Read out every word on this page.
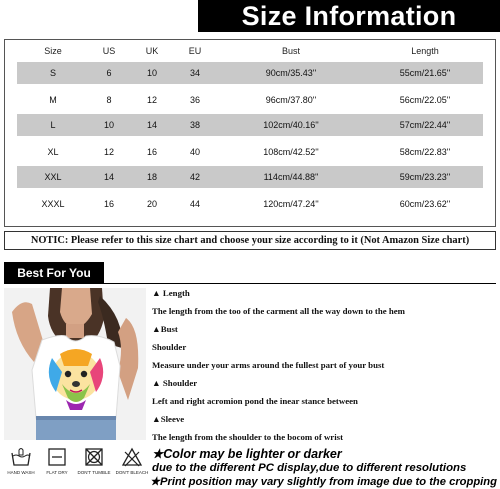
Size Information
Size	US	UK	EU	Bust	Length
S	6	10	34	90cm/35.43''	55cm/21.65''
M	8	12	36	96cm/37.80''	56cm/22.05''
L	10	14	38	102cm/40.16''	57cm/22.44''
XL	12	16	40	108cm/42.52''	58cm/22.83''
XXL	14	18	42	114cm/44.88''	59cm/23.23''
XXXL	16	20	44	120cm/47.24''	60cm/23.62''
NOTIC: Please refer to this size chart and choose your size according to it (Not Amazon Size chart)
Best For You
HAND WASH	FLAT DRY	DON'T TUMBLE DON'T BLEACH
▲ Length
The length from the too of the carment all the way down to the hem
▲Bust
Shoulder
Measure under your arms around the fullest part of your bust
▲ Shoulder
Left and right acromion pond the inear stance between
▲Sleeve
The length from the shoulder to the bocom of wrist
★Color may be lighter or darker
due to the different PC display,due to different resolutions
★Print position may vary slightly from image due to the cropping
